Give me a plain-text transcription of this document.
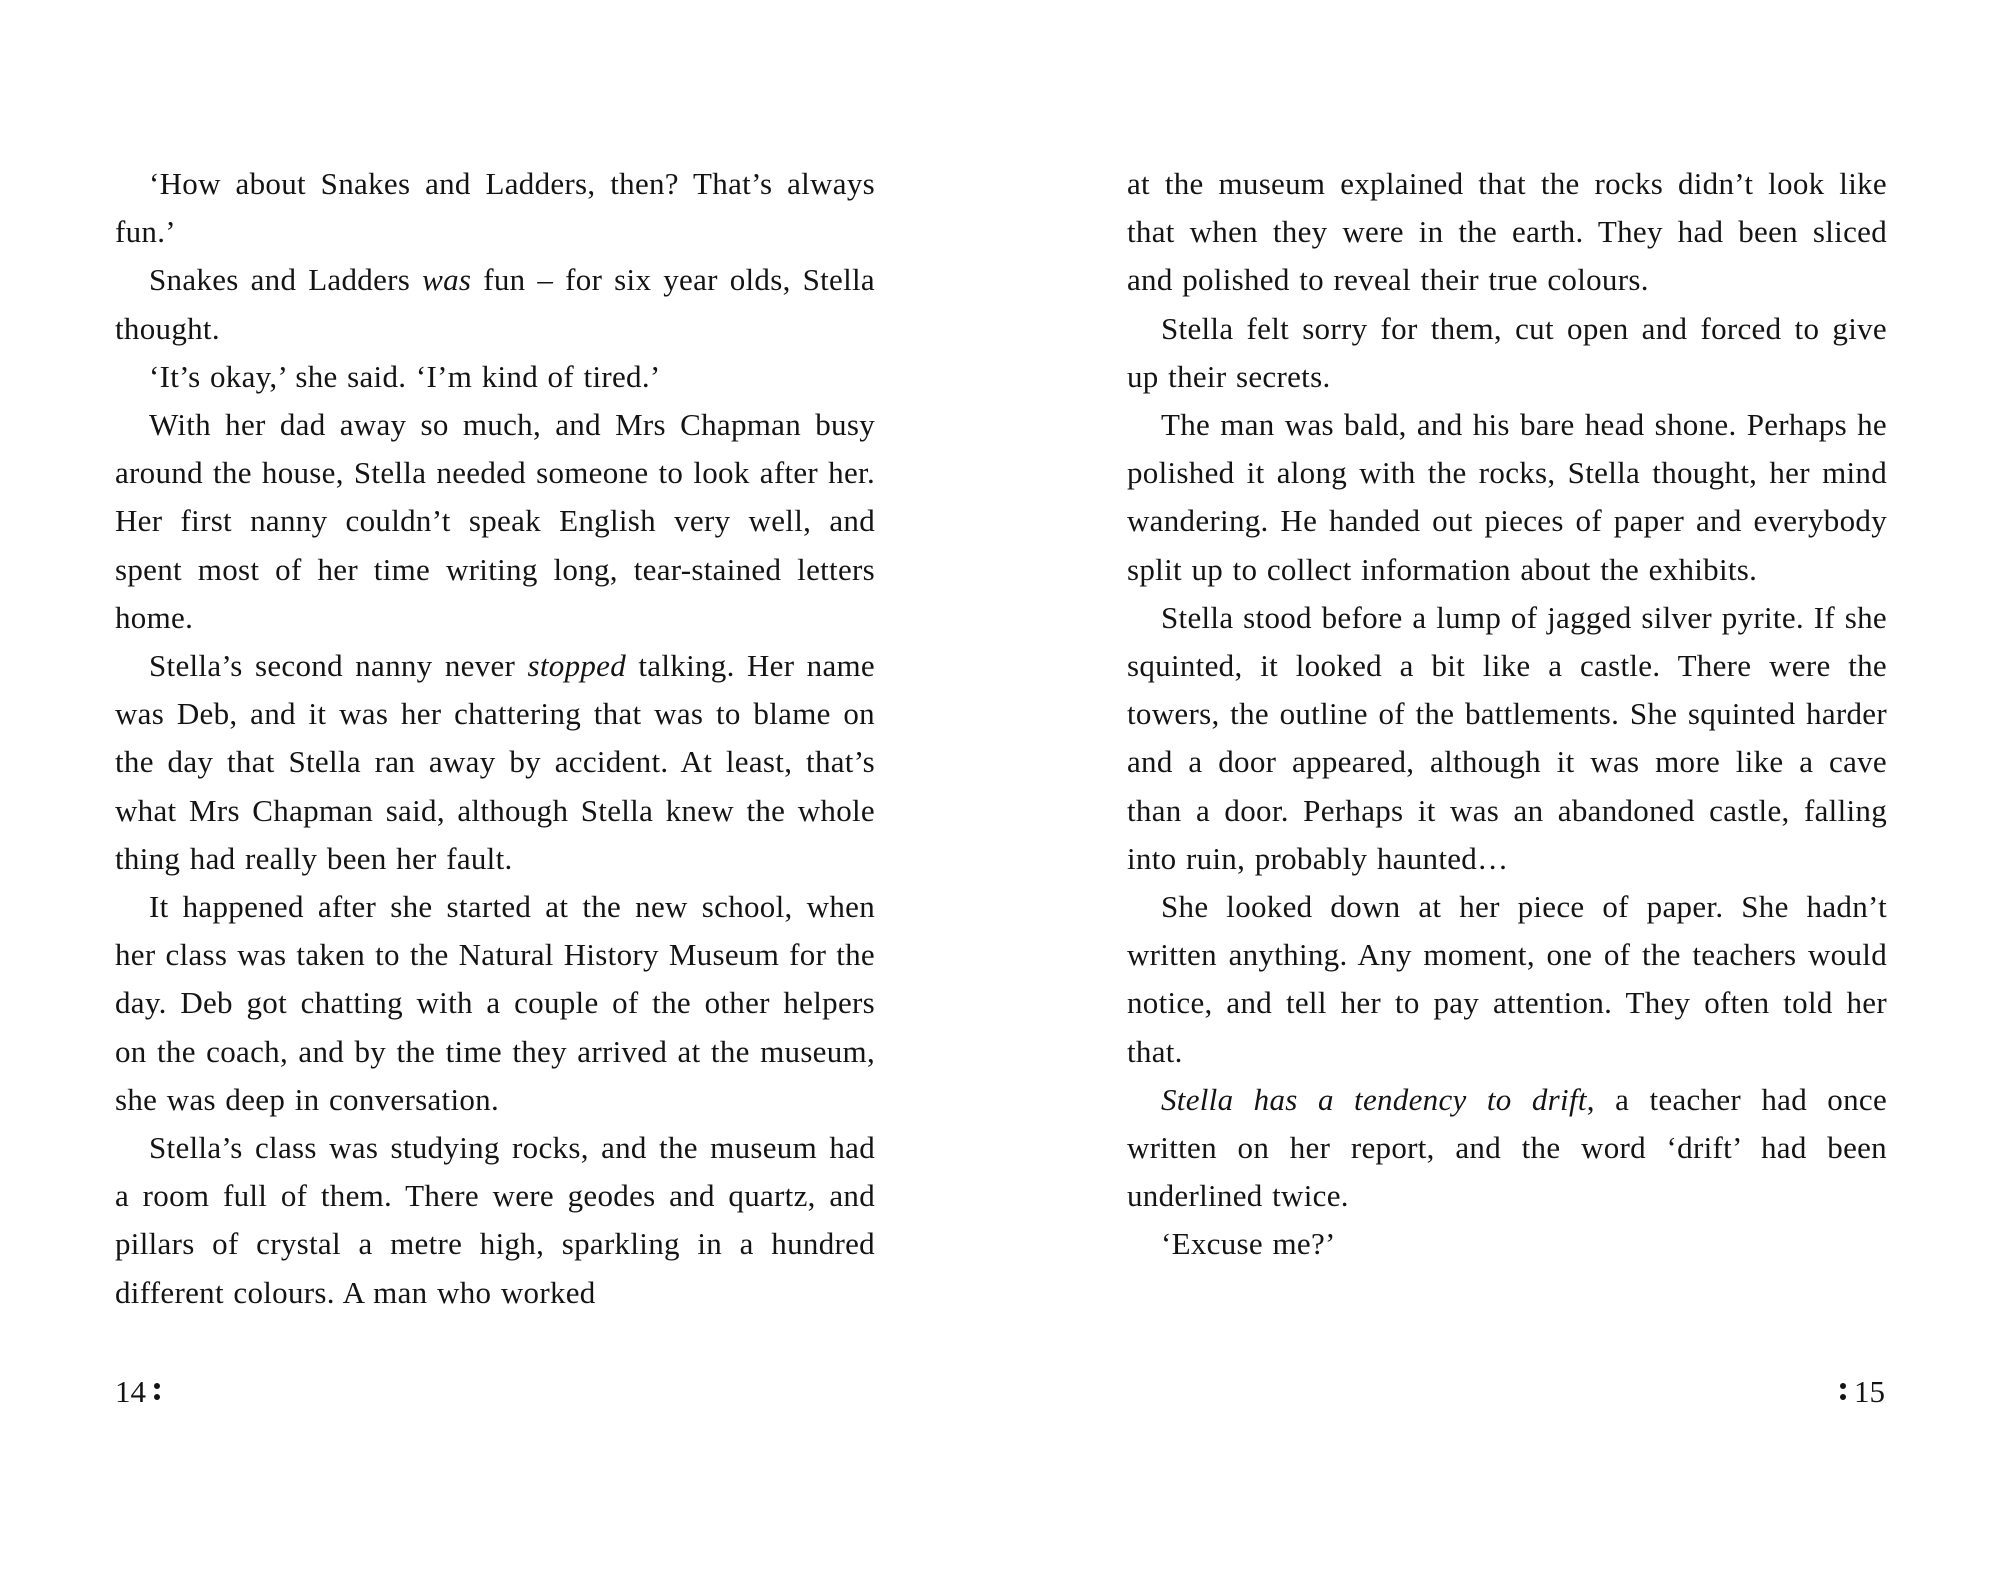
‘How about Snakes and Ladders, then? That’s always fun.’

Snakes and Ladders was fun – for six year olds, Stella thought.

‘It’s okay,’ she said. ‘I’m kind of tired.’

With her dad away so much, and Mrs Chapman busy around the house, Stella needed someone to look after her. Her first nanny couldn’t speak English very well, and spent most of her time writing long, tear-stained letters home.

Stella’s second nanny never stopped talking. Her name was Deb, and it was her chattering that was to blame on the day that Stella ran away by accident. At least, that’s what Mrs Chapman said, although Stella knew the whole thing had really been her fault.

It happened after she started at the new school, when her class was taken to the Natural History Museum for the day. Deb got chatting with a couple of the other helpers on the coach, and by the time they arrived at the museum, she was deep in conversation.

Stella’s class was studying rocks, and the museum had a room full of them. There were geodes and quartz, and pillars of crystal a metre high, sparkling in a hundred different colours. A man who worked

at the museum explained that the rocks didn’t look like that when they were in the earth. They had been sliced and polished to reveal their true colours.

Stella felt sorry for them, cut open and forced to give up their secrets.

The man was bald, and his bare head shone. Perhaps he polished it along with the rocks, Stella thought, her mind wandering. He handed out pieces of paper and everybody split up to collect information about the exhibits.

Stella stood before a lump of jagged silver pyrite. If she squinted, it looked a bit like a castle. There were the towers, the outline of the battlements. She squinted harder and a door appeared, although it was more like a cave than a door. Perhaps it was an abandoned castle, falling into ruin, probably haunted…

She looked down at her piece of paper. She hadn’t written anything. Any moment, one of the teachers would notice, and tell her to pay attention. They often told her that.

Stella has a tendency to drift, a teacher had once written on her report, and the word ‘drift’ had been underlined twice.

‘Excuse me?’

14	15
